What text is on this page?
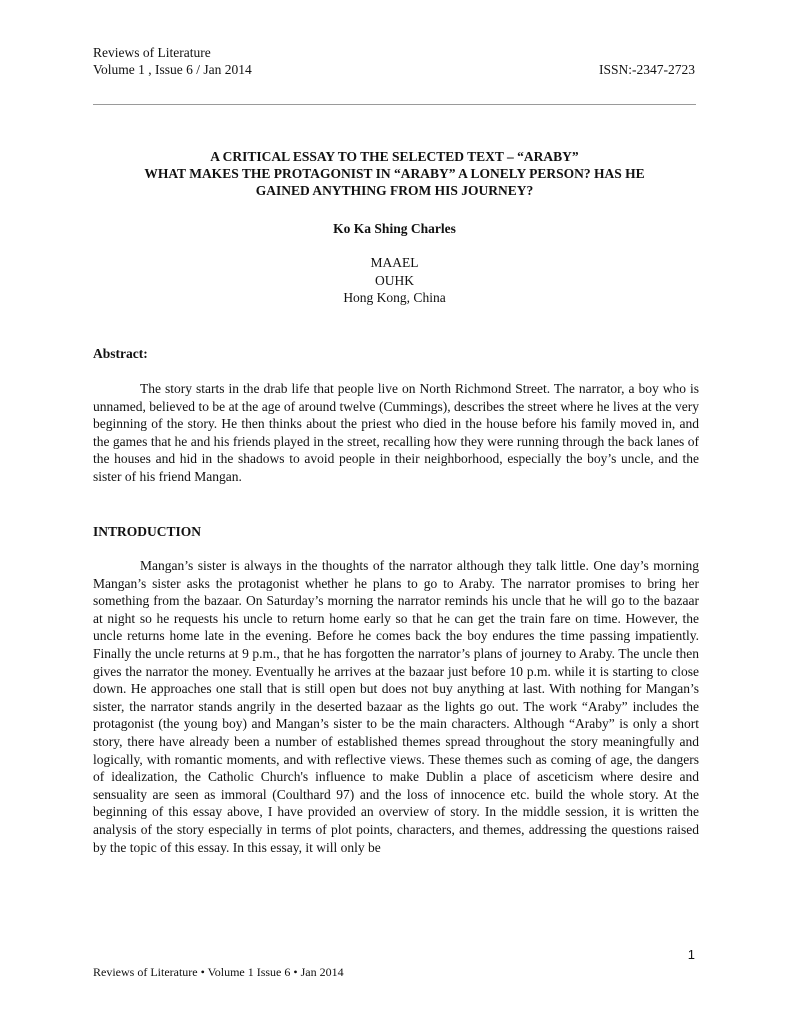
Reviews of Literature
Volume 1 , Issue 6 / Jan 2014	ISSN:-2347-2723
A CRITICAL ESSAY TO THE SELECTED TEXT – “ARABY”
WHAT MAKES THE PROTAGONIST IN “ARABY” A LONELY PERSON? HAS HE
GAINED ANYTHING FROM HIS JOURNEY?
Ko Ka Shing Charles
MAAEL
OUHK
Hong Kong, China
Abstract:

The story starts in the drab life that people live on North Richmond Street. The narrator, a boy who is unnamed, believed to be at the age of around twelve (Cummings), describes the street where he lives at the very beginning of the story. He then thinks about the priest who died in the house before his family moved in, and the games that he and his friends played in the street, recalling how they were running through the back lanes of the houses and hid in the shadows to avoid people in their neighborhood, especially the boy’s uncle, and the sister of his friend Mangan.

INTRODUCTION

Mangan’s sister is always in the thoughts of the narrator although they talk little. One day’s morning Mangan’s sister asks the protagonist whether he plans to go to Araby. The narrator promises to bring her something from the bazaar. On Saturday’s morning the narrator reminds his uncle that he will go to the bazaar at night so he requests his uncle to return home early so that he can get the train fare on time. However, the uncle returns home late in the evening. Before he comes back the boy endures the time passing impatiently. Finally the uncle returns at 9 p.m., that he has forgotten the narrator’s plans of journey to Araby. The uncle then gives the narrator the money. Eventually he arrives at the bazaar just before 10 p.m. while it is starting to close down. He approaches one stall that is still open but does not buy anything at last. With nothing for Mangan’s sister, the narrator stands angrily in the deserted bazaar as the lights go out. The work “Araby” includes the protagonist (the young boy) and Mangan’s sister to be the main characters. Although “Araby” is only a short story, there have already been a number of established themes spread throughout the story meaningfully and logically, with romantic moments, and with reflective views. These themes such as coming of age, the dangers of idealization, the Catholic Church's influence to make Dublin a place of asceticism where desire and sensuality are seen as immoral (Coulthard 97) and the loss of innocence etc. build the whole story. At the beginning of this essay above, I have provided an overview of story. In the middle session, it is written the analysis of the story especially in terms of plot points, characters, and themes, addressing the questions raised by the topic of this essay. In this essay, it will only be

1
Reviews of Literature • Volume 1 Issue 6 • Jan 2014
